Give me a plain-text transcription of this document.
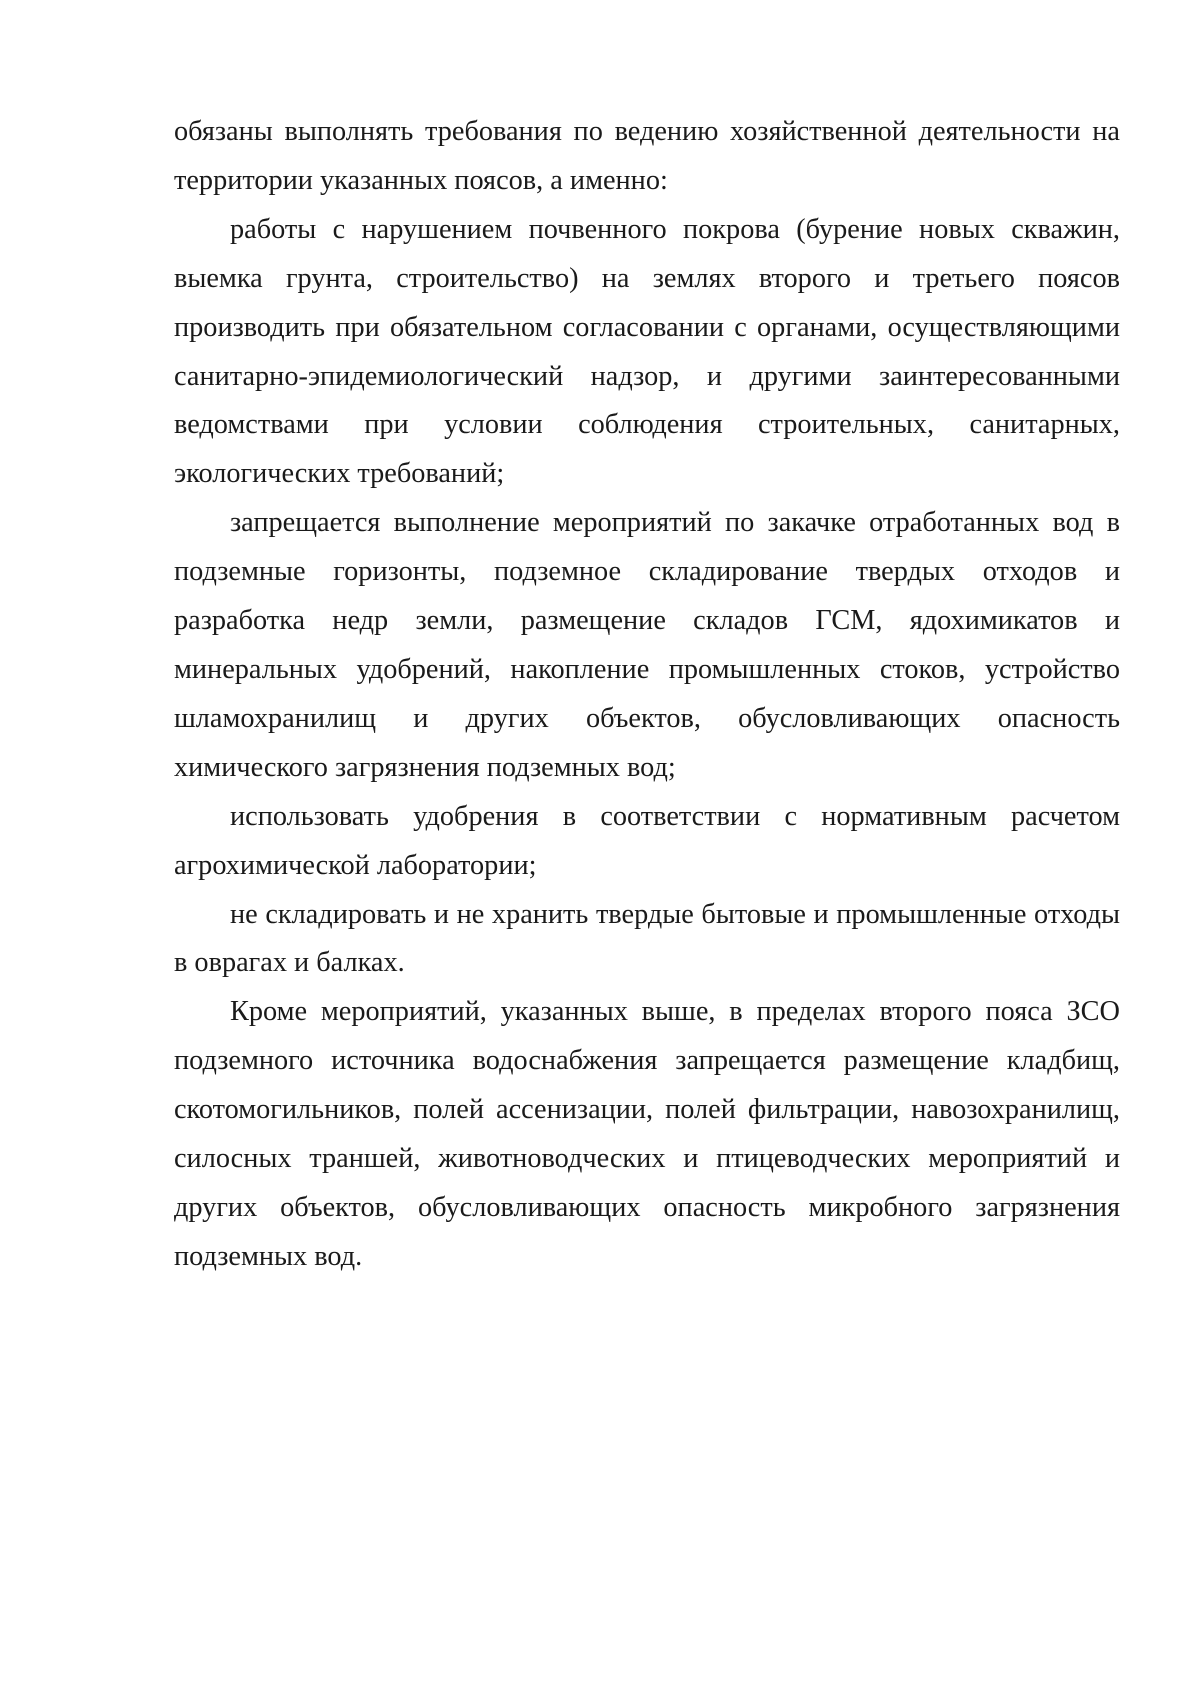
обязаны выполнять требования по ведению хозяйственной деятельности на территории указанных поясов, а именно:

работы с нарушением почвенного покрова (бурение новых скважин, выемка грунта, строительство) на землях второго и третьего поясов производить при обязательном согласовании с органами, осуществляющими санитарно-эпидемиологический надзор, и другими заинтересованными ведомствами при условии соблюдения строительных, санитарных, экологических требований;

запрещается выполнение мероприятий по закачке отработанных вод в подземные горизонты, подземное складирование твердых отходов и разработка недр земли, размещение складов ГСМ, ядохимикатов и минеральных удобрений, накопление промышленных стоков, устройство шламохранилищ и других объектов, обусловливающих опасность химического загрязнения подземных вод;

использовать удобрения в соответствии с нормативным расчетом агрохимической лаборатории;

не складировать и не хранить твердые бытовые и промышленные отходы в оврагах и балках.

Кроме мероприятий, указанных выше, в пределах второго пояса ЗСО подземного источника водоснабжения запрещается размещение кладбищ, скотомогильников, полей ассенизации, полей фильтрации, навозохранилищ, силосных траншей, животноводческих и птицеводческих мероприятий и других объектов, обусловливающих опасность микробного загрязнения подземных вод.
